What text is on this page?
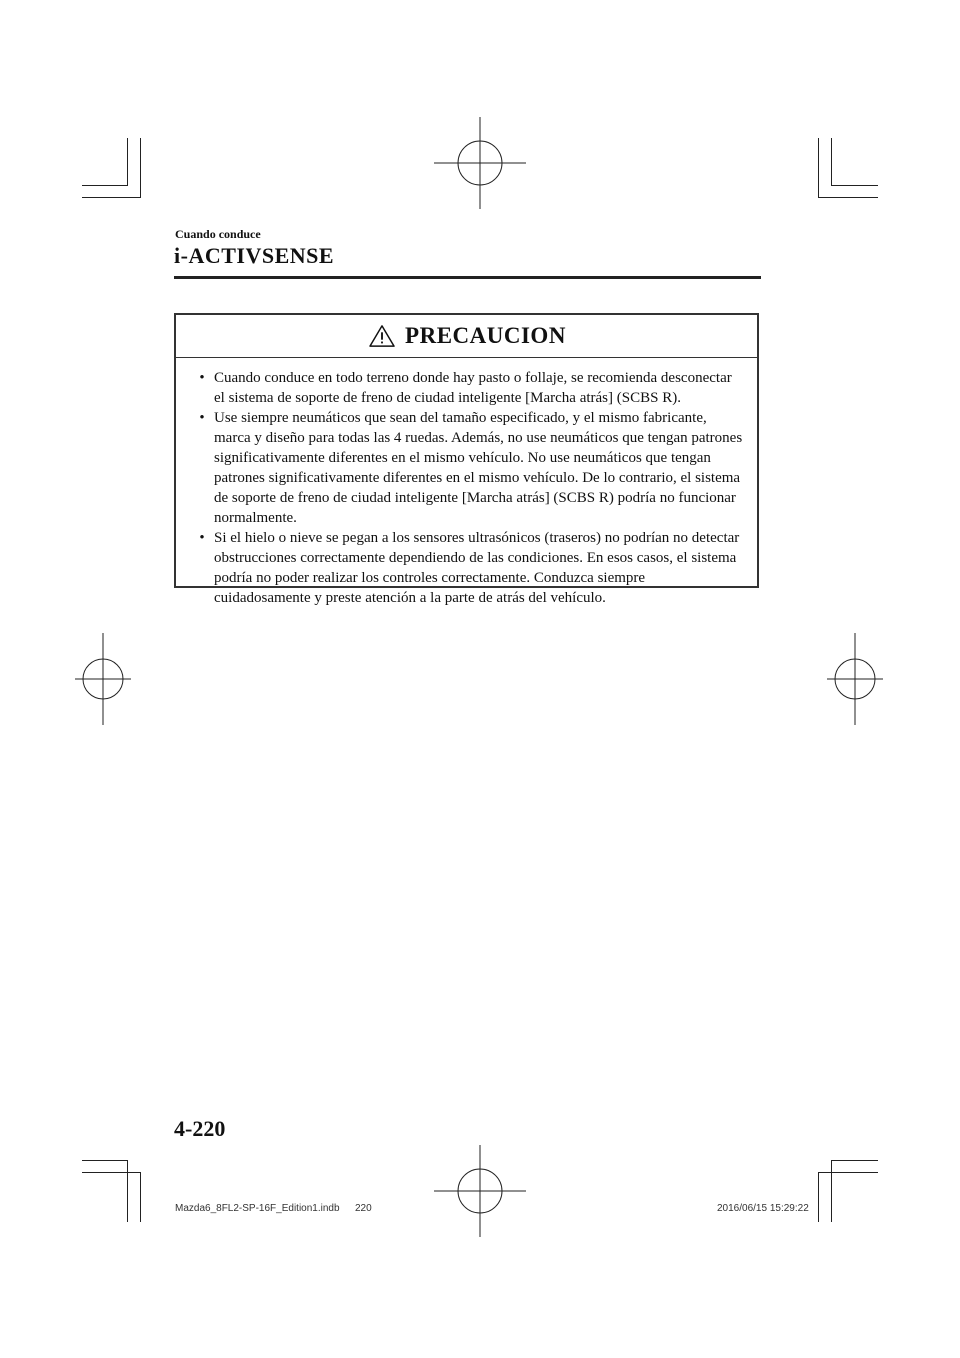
Cuando conduce
i-ACTIVSENSE
PRECAUCION
• Cuando conduce en todo terreno donde hay pasto o follaje, se recomienda desconectar el sistema de soporte de freno de ciudad inteligente [Marcha atrás] (SCBS R).
• Use siempre neumáticos que sean del tamaño especificado, y el mismo fabricante, marca y diseño para todas las 4 ruedas. Además, no use neumáticos que tengan patrones significativamente diferentes en el mismo vehículo. No use neumáticos que tengan patrones significativamente diferentes en el mismo vehículo. De lo contrario, el sistema de soporte de freno de ciudad inteligente [Marcha atrás] (SCBS R) podría no funcionar normalmente.
• Si el hielo o nieve se pegan a los sensores ultrasónicos (traseros) no podrían no detectar obstrucciones correctamente dependiendo de las condiciones. En esos casos, el sistema podría no poder realizar los controles correctamente. Conduzca siempre cuidadosamente y preste atención a la parte de atrás del vehículo.
4-220
Mazda6_8FL2-SP-16F_Edition1.indb 220	2016/06/15 15:29:22
